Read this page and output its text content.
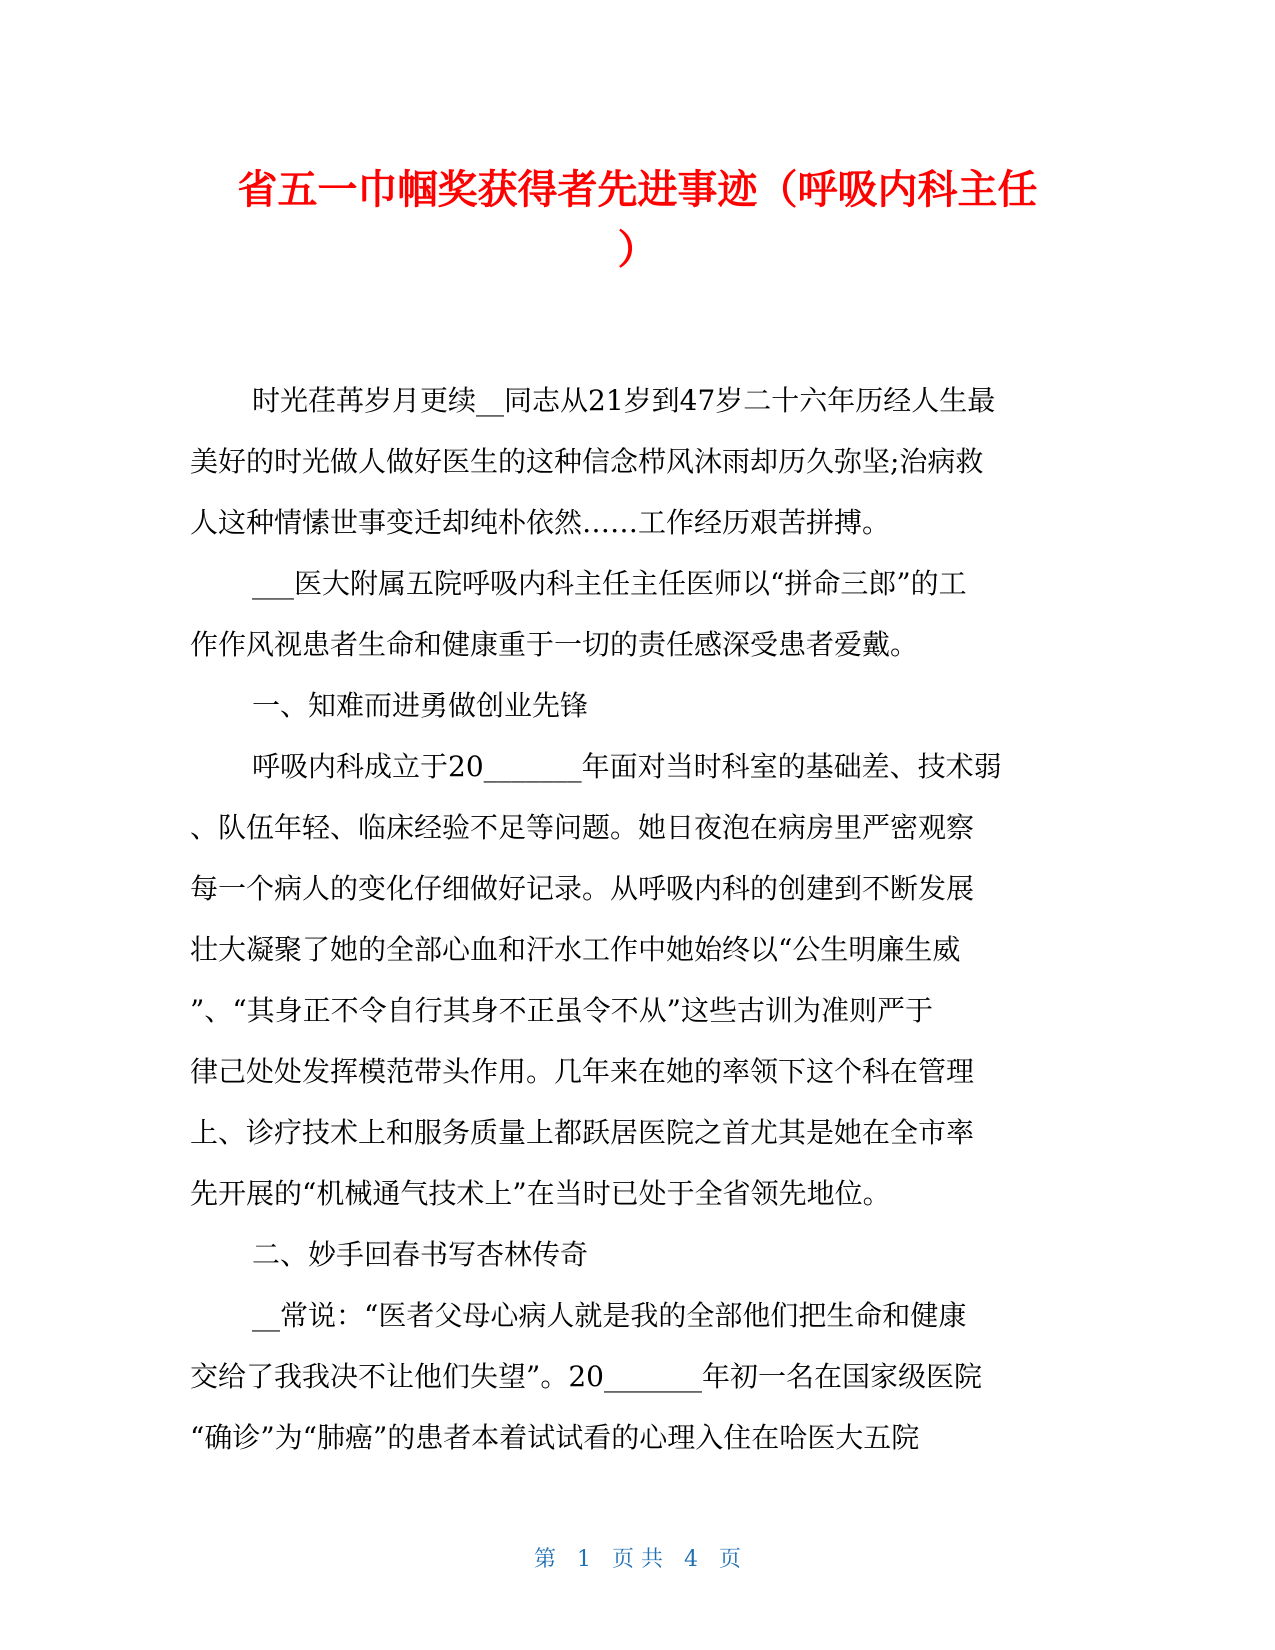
省五一巾帼奖获得者先进事迹（呼吸内科主任
）
时光荏苒岁月更续__同志从21岁到47岁二十六年历经人生最
美好的时光做人做好医生的这种信念栉风沐雨却历久弥坚;治病救
人这种情愫世事变迁却纯朴依然……工作经历艰苦拼搏。
___医大附属五院呼吸内科主任主任医师以“拼命三郎”的工
作作风视患者生命和健康重于一切的责任感深受患者爱戴。
一、知难而进勇做创业先锋
呼吸内科成立于20_______年面对当时科室的基础差、技术弱
、队伍年轻、临床经验不足等问题。她日夜泡在病房里严密观察
每一个病人的变化仔细做好记录。从呼吸内科的创建到不断发展
壮大凝聚了她的全部心血和汗水工作中她始终以“公生明廉生威
”、“其身正不令自行其身不正虽令不从”这些古训为准则严于
律己处处发挥模范带头作用。几年来在她的率领下这个科在管理
上、诊疗技术上和服务质量上都跃居医院之首尤其是她在全市率
先开展的“机械通气技术上”在当时已处于全省领先地位。
二、妙手回春书写杏林传奇
__常说：“医者父母心病人就是我的全部他们把生命和健康
交给了我我决不让他们失望”。20_______年初一名在国家级医院
“确诊”为“肺癌”的患者本着试试看的心理入住在哈医大五院
第 1 页 共 4 页
